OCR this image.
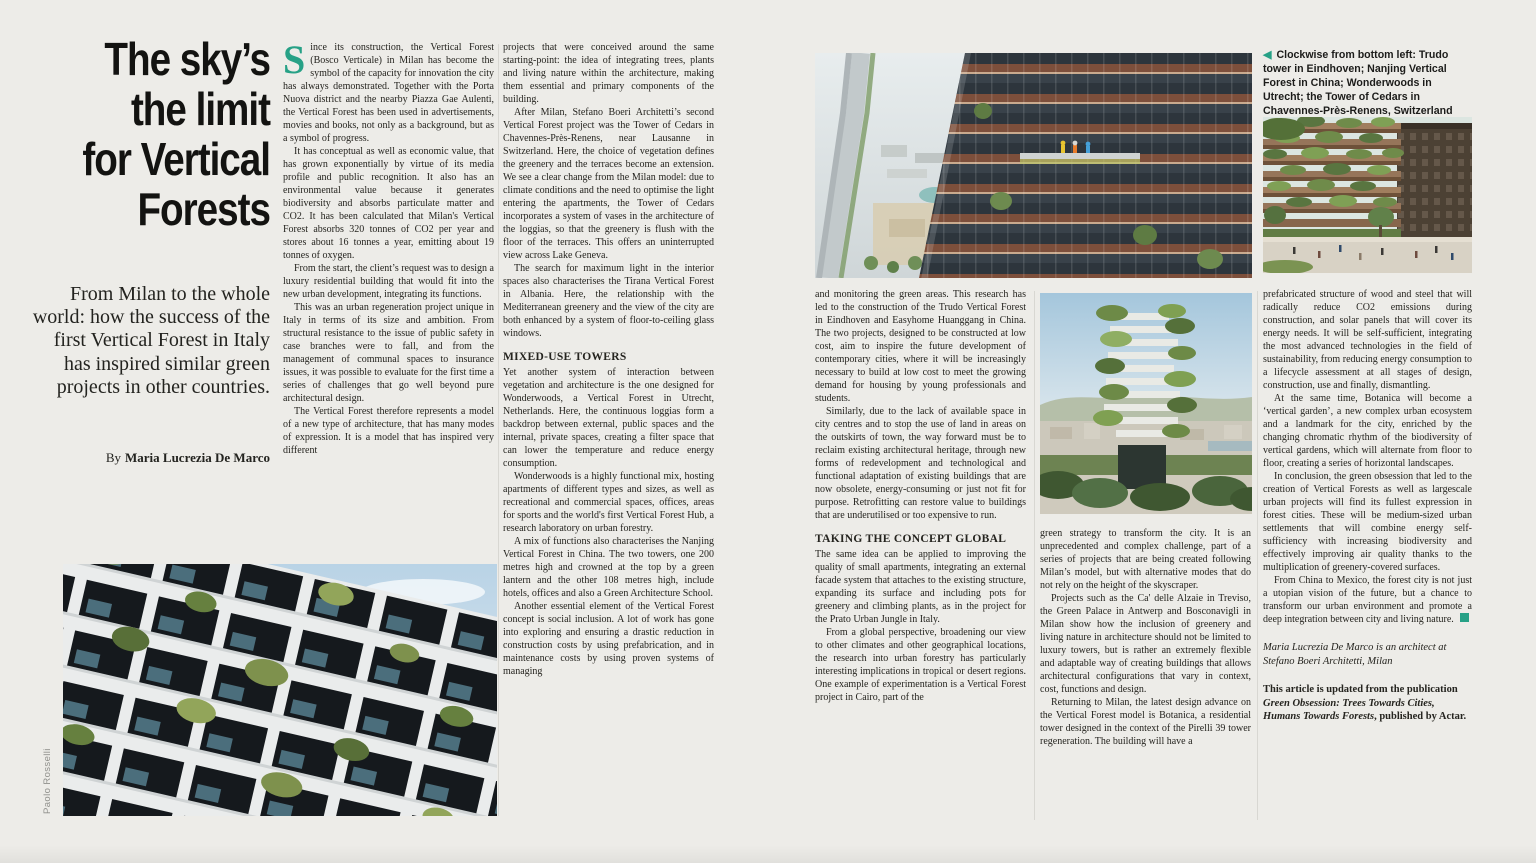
The sky’s
the limit
for Vertical
Forests

From Milan to the whole world: how the success of the first Vertical Forest in Italy has inspired similar green projects in other countries.

By Maria Lucrezia De Marco

Since its construction, the Vertical Forest (Bosco Verticale) in Milan has become the symbol of the capacity for innovation the city has always demonstrated. Together with the Porta Nuova district and the nearby Piazza Gae Aulenti, the Vertical Forest has been used in advertisements, movies and books, not only as a background, but as a symbol of progress.

It has conceptual as well as economic value, that has grown exponentially by virtue of its media profile and public recognition. It also has an environmental value because it generates biodiversity and absorbs particulate matter and CO2. It has been calculated that Milan's Vertical Forest absorbs 320 tonnes of CO2 per year and stores about 16 tonnes a year, emitting about 19 tonnes of oxygen.

From the start, the client’s request was to design a luxury residential building that would fit into the new urban development, integrating its functions.

This was an urban regeneration project unique in Italy in terms of its size and ambition. From structural resistance to the issue of public safety in case branches were to fall, and from the management of communal spaces to insurance issues, it was possible to evaluate for the first time a series of challenges that go well beyond pure architectural design.

The Vertical Forest therefore represents a model of a new type of architecture, that has many modes of expression. It is a model that has inspired very different

projects that were conceived around the same starting-point: the idea of integrating trees, plants and living nature within the architecture, making them essential and primary components of the building.

After Milan, Stefano Boeri Architetti’s second Vertical Forest project was the Tower of Cedars in Chavennes-Près-Renens, near Lausanne in Switzerland. Here, the choice of vegetation defines the greenery and the terraces become an extension. We see a clear change from the Milan model: due to climate conditions and the need to optimise the light entering the apartments, the Tower of Cedars incorporates a system of vases in the architecture of the loggias, so that the greenery is flush with the floor of the terraces. This offers an uninterrupted view across Lake Geneva.

The search for maximum light in the interior spaces also characterises the Tirana Vertical Forest in Albania. Here, the relationship with the Mediterranean greenery and the view of the city are both enhanced by a system of floor-to-ceiling glass windows.

MIXED-USE TOWERS

Yet another system of interaction between vegetation and architecture is the one designed for Wonderwoods, a Vertical Forest in Utrecht, Netherlands. Here, the continuous loggias form a backdrop between external, public spaces and the internal, private spaces, creating a filter space that can lower the temperature and reduce energy consumption.

Wonderwoods is a highly functional mix, hosting apartments of different types and sizes, as well as recreational and commercial spaces, offices, areas for sports and the world's first Vertical Forest Hub, a research laboratory on urban forestry.

A mix of functions also characterises the Nanjing Vertical Forest in China. The two towers, one 200 metres high and crowned at the top by a green lantern and the other 108 metres high, include hotels, offices and also a Green Architecture School.

Another essential element of the Vertical Forest concept is social inclusion. A lot of work has gone into exploring and ensuring a drastic reduction in construction costs by using prefabrication, and in maintenance costs by using proven systems of managing

and monitoring the green areas. This research has led to the construction of the Trudo Vertical Forest in Eindhoven and Easyhome Huanggang in China. The two projects, designed to be constructed at low cost, aim to inspire the future development of contemporary cities, where it will be increasingly necessary to build at low cost to meet the growing demand for housing by young professionals and students.

Similarly, due to the lack of available space in city centres and to stop the use of land in areas on the outskirts of town, the way forward must be to reclaim existing architectural heritage, through new forms of redevelopment and technological and functional adaptation of existing buildings that are now obsolete, energy-consuming or just not fit for purpose. Retrofitting can restore value to buildings that are underutilised or too expensive to run.

TAKING THE CONCEPT GLOBAL

The same idea can be applied to improving the quality of small apartments, integrating an external facade system that attaches to the existing structure, expanding its surface and including pots for greenery and climbing plants, as in the project for the Prato Urban Jungle in Italy.

From a global perspective, broadening our view to other climates and other geographical locations, the research into urban forestry has particularly interesting implications in tropical or desert regions. One example of experimentation is a Vertical Forest project in Cairo, part of the

green strategy to transform the city. It is an unprecedented and complex challenge, part of a series of projects that are being created following Milan’s model, but with alternative modes that do not rely on the height of the skyscraper.

Projects such as the Ca' delle Alzaie in Treviso, the Green Palace in Antwerp and Bosconavigli in Milan show how the inclusion of greenery and living nature in architecture should not be limited to luxury towers, but is rather an extremely flexible and adaptable way of creating buildings that allows architectural configurations that vary in context, cost, functions and design.

Returning to Milan, the latest design advance on the Vertical Forest model is Botanica, a residential tower designed in the context of the Pirelli 39 tower regeneration. The building will have a

prefabricated structure of wood and steel that will radically reduce CO2 emissions during construction, and solar panels that will cover its energy needs. It will be self-sufficient, integrating the most advanced technologies in the field of sustainability, from reducing energy consumption to a lifecycle assessment at all stages of design, construction, use and finally, dismantling.

At the same time, Botanica will become a ‘vertical garden’, a new complex urban ecosystem and a landmark for the city, enriched by the changing chromatic rhythm of the biodiversity of vertical gardens, which will alternate from floor to floor, creating a series of horizontal landscapes.

In conclusion, the green obsession that led to the creation of Vertical Forests as well as largescale urban projects will find its fullest expression in forest cities. These will be medium-sized urban settlements that will combine energy self-sufficiency with increasing biodiversity and effectively improving air quality thanks to the multiplication of greenery-covered surfaces.

From China to Mexico, the forest city is not just a utopian vision of the future, but a chance to transform our urban environment and promote a deep integration between city and living nature.

Maria Lucrezia De Marco is an architect at Stefano Boeri Architetti, Milan

This article is updated from the publication Green Obsession: Trees Towards Cities, Humans Towards Forests, published by Actar.

Paolo Rosselli
◀ Clockwise from bottom left: Trudo tower in Eindhoven; Nanjing Vertical Forest in China; Wonderwoods in Utrecht; the Tower of Cedars in Chavennes-Près-Renens, Switzerland
